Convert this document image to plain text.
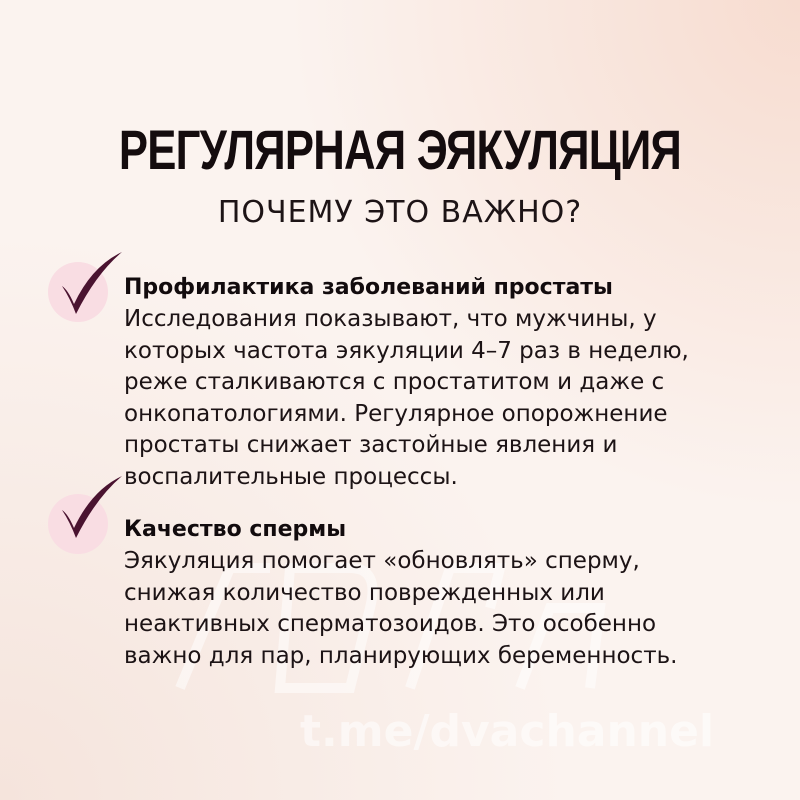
РЕГУЛЯРНАЯ ЭЯКУЛЯЦИЯ
ПОЧЕМУ ЭТО ВАЖНО?
Профилактика заболеваний простаты
Исследования показывают, что мужчины, у
которых частота эякуляции 4–7 раз в неделю,
реже сталкиваются с простатитом и даже с
онкопатологиями. Регулярное опорожнение
простаты снижает застойные явления и
воспалительные процессы.
Качество спермы
Эякуляция помогает «обновлять» сперму,
снижая количество поврежденных или
неактивных сперматозоидов. Это особенно
важно для пар, планирующих беременность.
t.me/dvachannel
